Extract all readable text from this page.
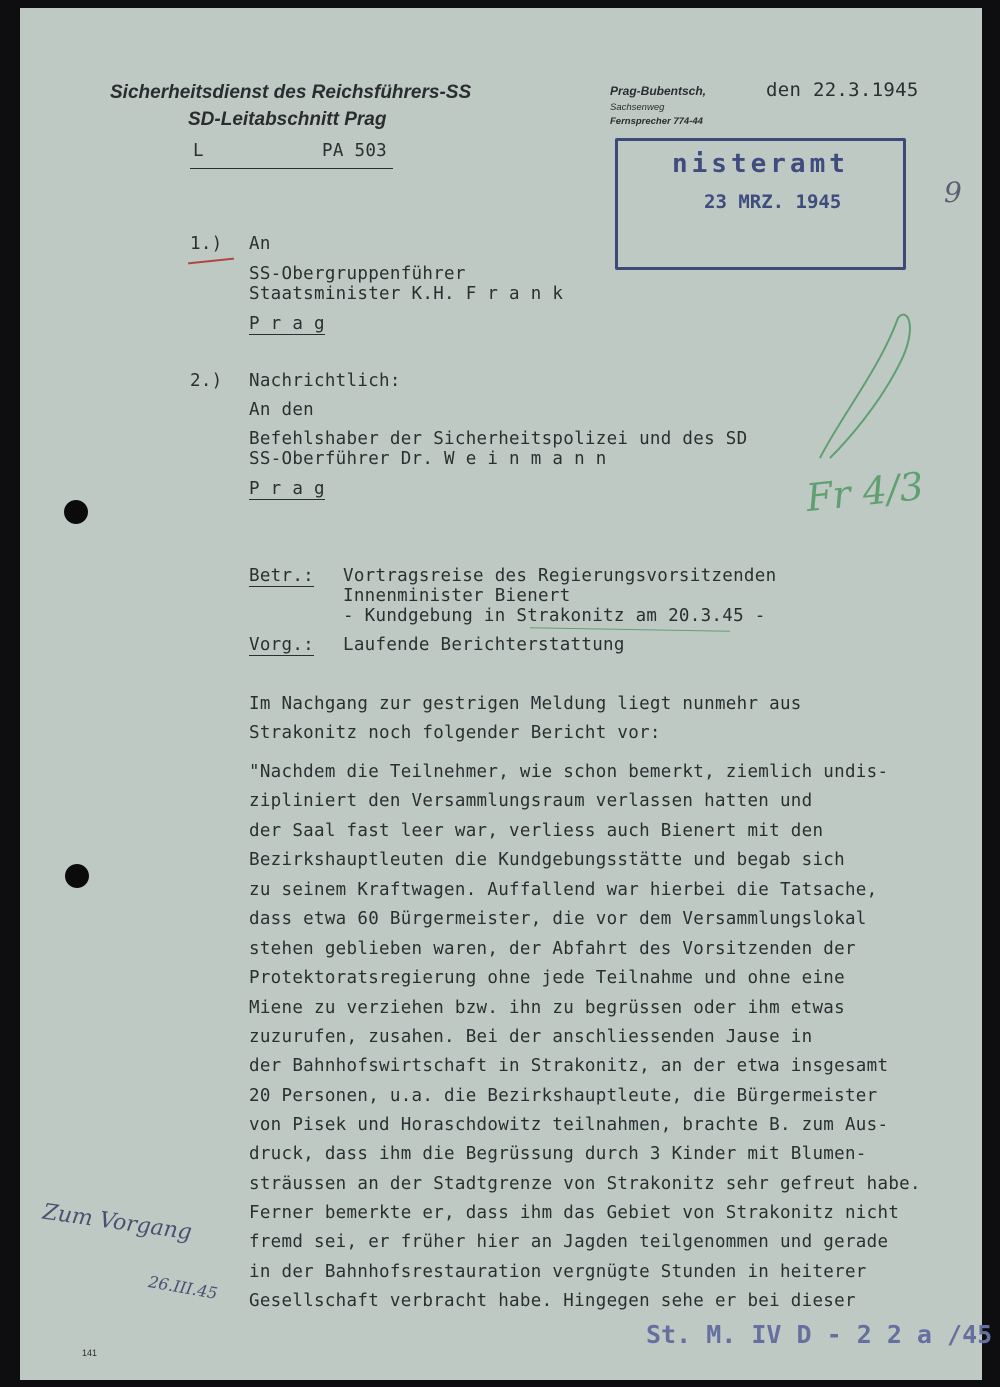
Sicherheitsdienst des Reichsführers-SS
SD-Leitabschnitt Prag
L	PA 503
Prag-Bubentsch,
Sachsenweg
Fernsprecher 774-44
den 22.3.1945
nisteramt
23 MRZ. 1945	9
1.) An
SS-Obergruppenführer
Staatsminister K.H. F r a n k
P r a g
2.) Nachrichtlich:
An den
Befehlshaber der Sicherheitspolizei und des SD
SS-Oberführer Dr. W e i n m a n n
P r a g	Fr 4/3
Betr.: Vortragsreise des Regierungsvorsitzenden
Innenminister Bienert
- Kundgebung in Strakonitz am 20.3.45 -
Vorg.: Laufende Berichterstattung
Im Nachgang zur gestrigen Meldung liegt nunmehr aus
Strakonitz noch folgender Bericht vor:
"Nachdem die Teilnehmer, wie schon bemerkt, ziemlich undis-
zipliniert den Versammlungsraum verlassen hatten und
der Saal fast leer war, verliess auch Bienert mit den
Bezirkshauptleuten die Kundgebungsstätte und begab sich
zu seinem Kraftwagen. Auffallend war hierbei die Tatsache,
dass etwa 60 Bürgermeister, die vor dem Versammlungslokal
stehen geblieben waren, der Abfahrt des Vorsitzenden der
Protektoratsregierung ohne jede Teilnahme und ohne eine
Miene zu verziehen bzw. ihn zu begrüssen oder ihm etwas
zuzurufen, zusahen. Bei der anschliessenden Jause in
der Bahnhofswirtschaft in Strakonitz, an der etwa insgesamt
20 Personen, u.a. die Bezirkshauptleute, die Bürgermeister
von Pisek und Horaschdowitz teilnahmen, brachte B. zum Aus-
druck, dass ihm die Begrüssung durch 3 Kinder mit Blumen-
sträussen an der Stadtgrenze von Strakonitz sehr gefreut habe.
Ferner bemerkte er, dass ihm das Gebiet von Strakonitz nicht
fremd sei, er früher hier an Jagden teilgenommen und gerade
in der Bahnhofsrestauration vergnügte Stunden in heiterer
Gesellschaft verbracht habe. Hingegen sehe er bei dieser
Zum Vorgang
26.III.45
141
St. M. IV D - 2 2 a /45
